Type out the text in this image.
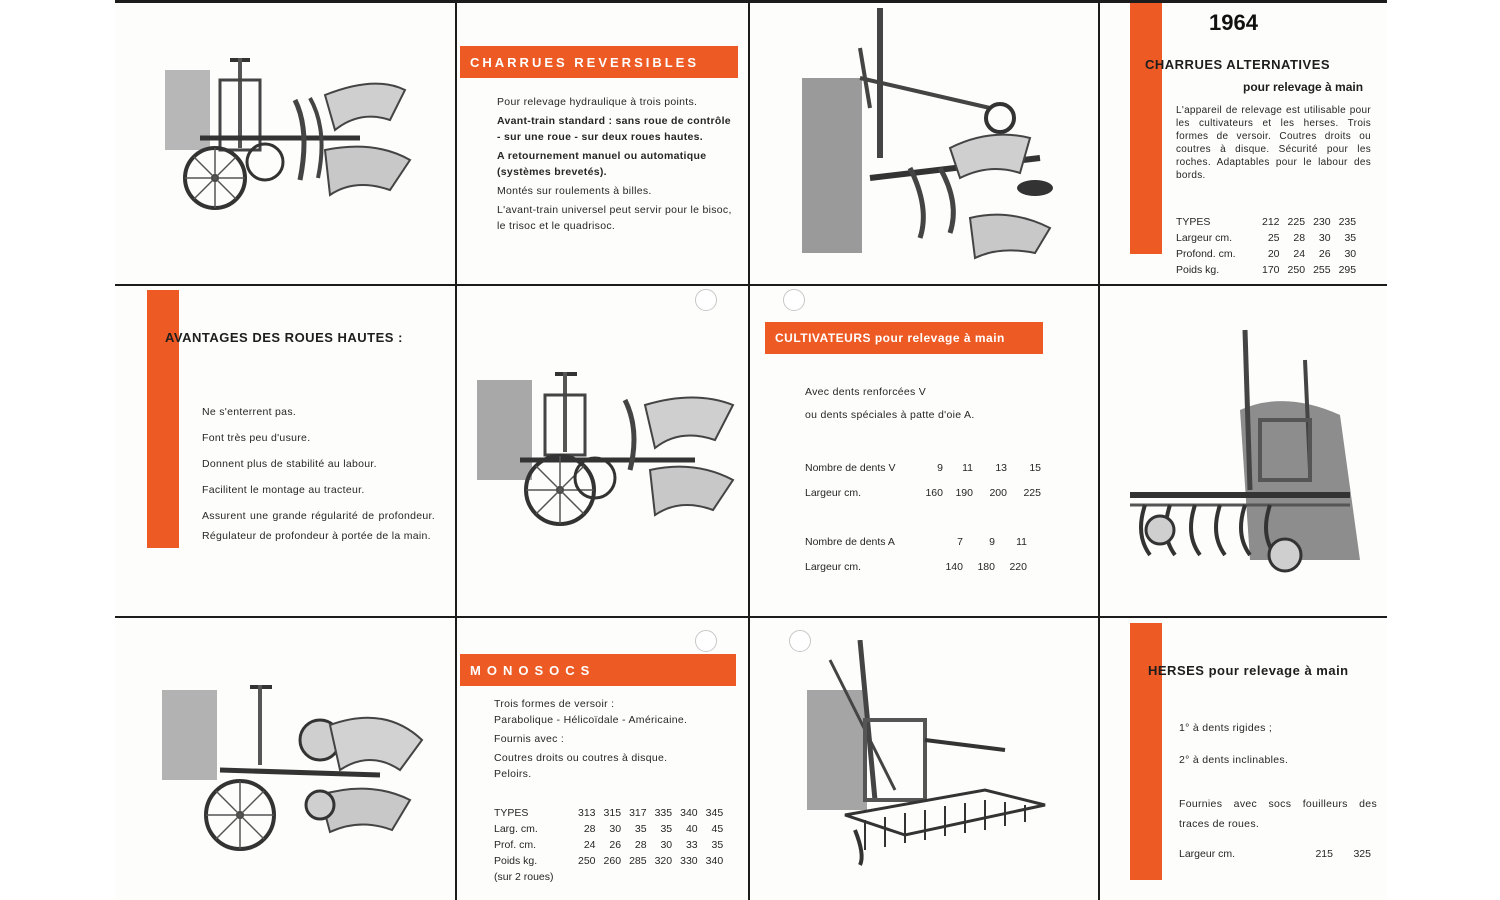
CHARRUES REVERSIBLES

Pour relevage hydraulique à trois points.

Avant-train standard : sans roue de contrôle - sur une roue - sur deux roues hautes.

A retournement manuel ou automatique (systèmes brevetés).

Montés sur roulements à billes.

L'avant-train universel peut servir pour le bisoc, le trisoc et le quadrisoc.

1964
CHARRUES ALTERNATIVES
pour relevage à main
L'appareil de relevage est utilisable pour les cultivateurs et les herses. Trois formes de versoir. Coutres droits ou coutres à disque. Sécurité pour les roches. Adaptables pour le labour des bords.
TYPES	212	225	230	235
Largeur cm.	25	28	30	35
Profond. cm.	20	24	26	30
Poids kg.	170	250	255	295
AVANTAGES DES ROUES HAUTES :

Ne s'enterrent pas.

Font très peu d'usure.

Donnent plus de stabilité au labour.

Facilitent le montage au tracteur.

Assurent une grande régularité de profondeur. Régulateur de profondeur à portée de la main.

CULTIVATEURS pour relevage à main
Avec dents renforcées V
ou dents spéciales à patte d'oie A.
Nombre de dents V	9	11	13	15
Largeur cm.	160	190	200	225
Nombre de dents A	7	9	11
Largeur cm.	140	180	220
MONOSOCS

Trois formes de versoir :

Parabolique - Hélicoïdale - Américaine.

Fournis avec :

Coutres droits ou coutres à disque. Peloirs.

TYPES	313	315	317	335	340	345
Larg. cm.	28	30	35	35	40	45
Prof. cm.	24	26	28	30	33	35
Poids kg.	250	260	285	320	330	340
(sur 2 roues)						
HERSES pour relevage à main
1° à dents rigides ;
2° à dents inclinables.
Fournies avec socs fouilleurs des traces de roues.
Largeur cm.	215	325
